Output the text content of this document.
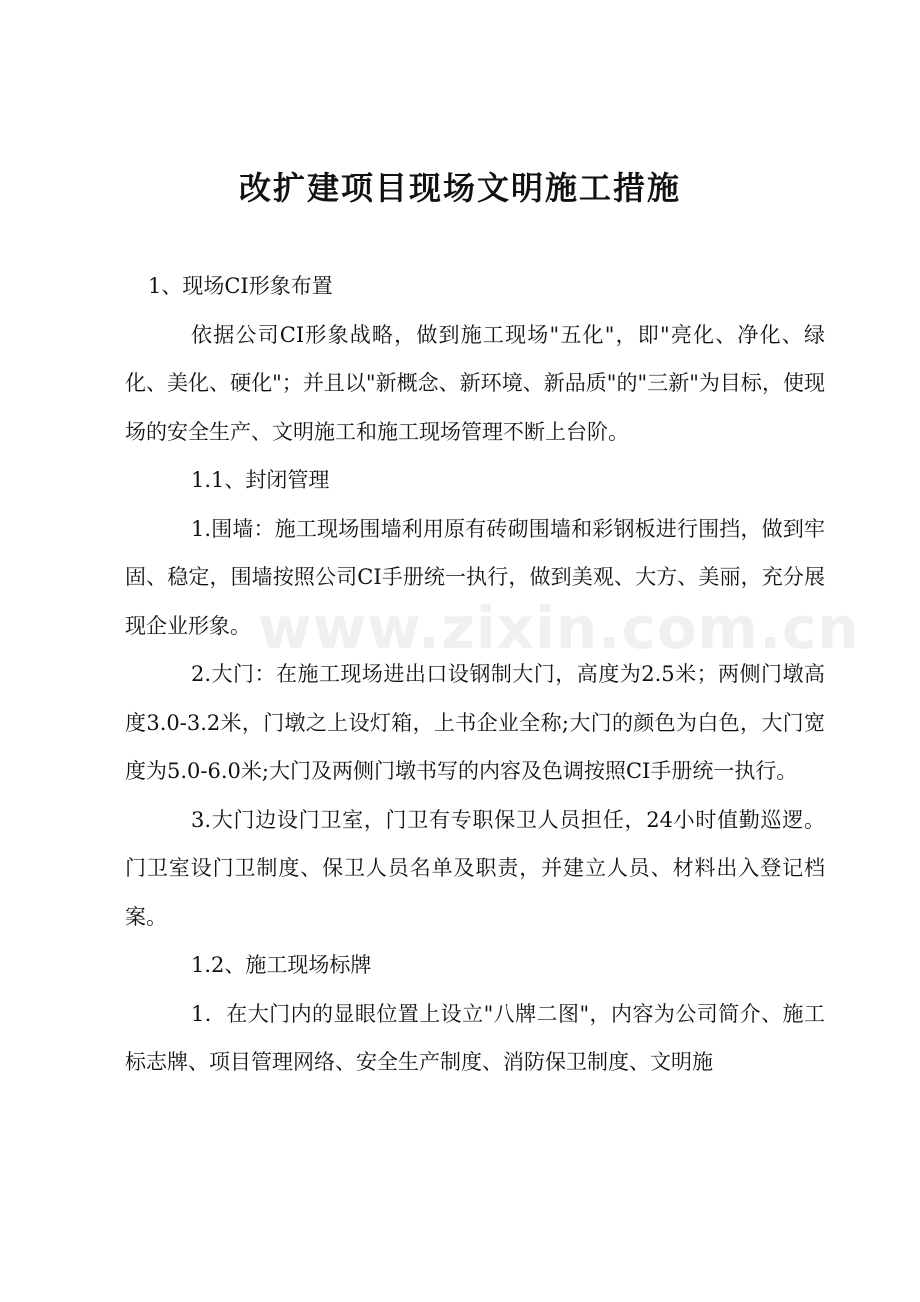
改扩建项目现场文明施工措施

1、现场CI形象布置

依据公司CI形象战略，做到施工现场"五化"，即"亮化、净化、绿化、美化、硬化"；并且以"新概念、新环境、新品质"的"三新"为目标，使现场的安全生产、文明施工和施工现场管理不断上台阶。

1.1、封闭管理

1.围墙：施工现场围墙利用原有砖砌围墙和彩钢板进行围挡，做到牢固、稳定，围墙按照公司CI手册统一执行，做到美观、大方、美丽，充分展现企业形象。

2.大门：在施工现场进出口设钢制大门，高度为2.5米；两侧门墩高度3.0-3.2米，门墩之上设灯箱，上书企业全称;大门的颜色为白色，大门宽度为5.0-6.0米;大门及两侧门墩书写的内容及色调按照CI手册统一执行。

3.大门边设门卫室，门卫有专职保卫人员担任，24小时值勤巡逻。门卫室设门卫制度、保卫人员名单及职责，并建立人员、材料出入登记档案。

1.2、施工现场标牌

1．在大门内的显眼位置上设立"八牌二图"，内容为公司简介、施工标志牌、项目管理网络、安全生产制度、消防保卫制度、文明施

www.zixin.com.cn
